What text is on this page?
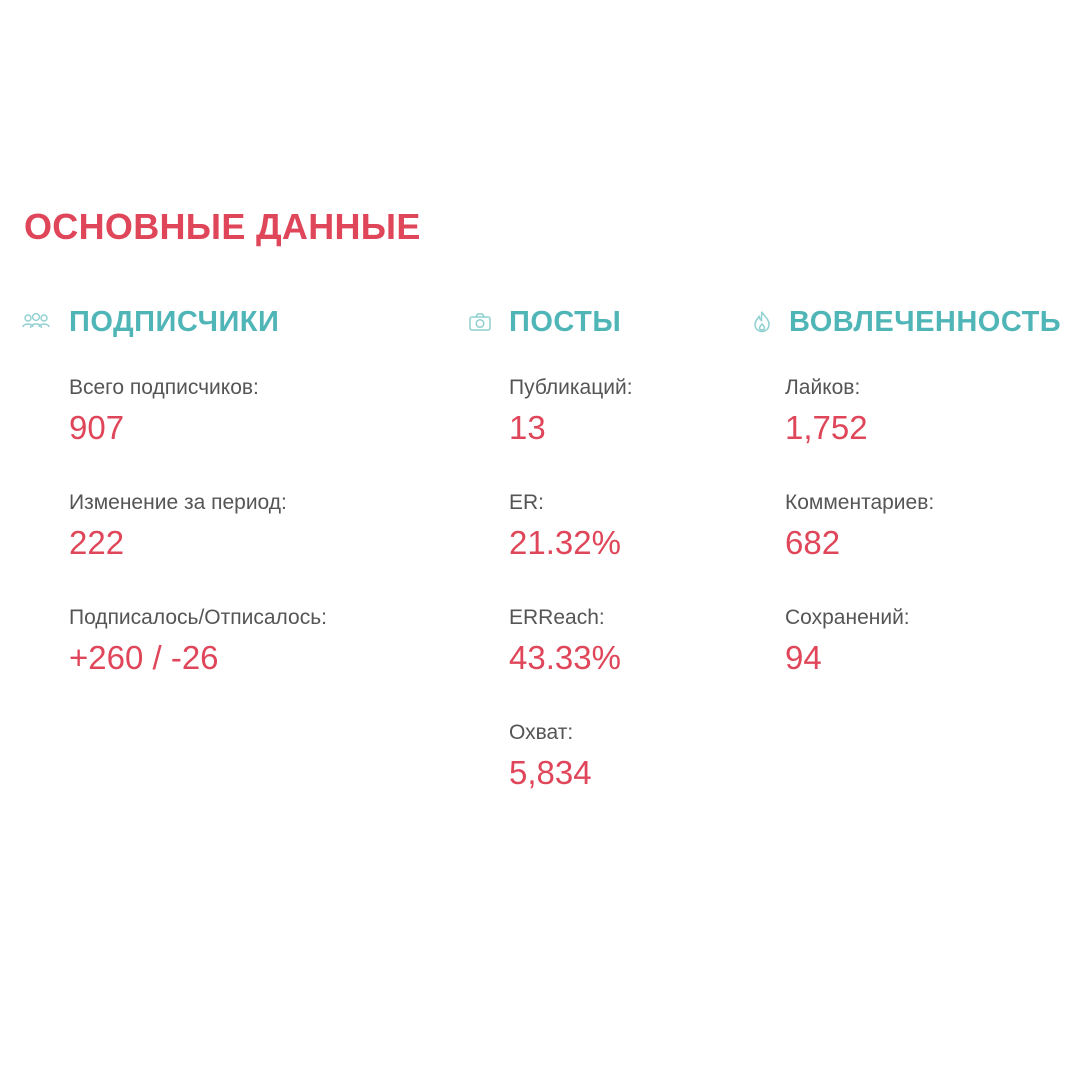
ОСНОВНЫЕ ДАННЫЕ
ПОДПИСЧИКИ
Всего подписчиков:
907
Изменение за период:
222
Подписалось/Отписалось:
+260 / -26
ПОСТЫ
Публикаций:
13
ER:
21.32%
ERReach:
43.33%
Охват:
5,834
ВОВЛЕЧЕННОСТЬ
Лайков:
1,752
Комментариев:
682
Сохранений:
94
